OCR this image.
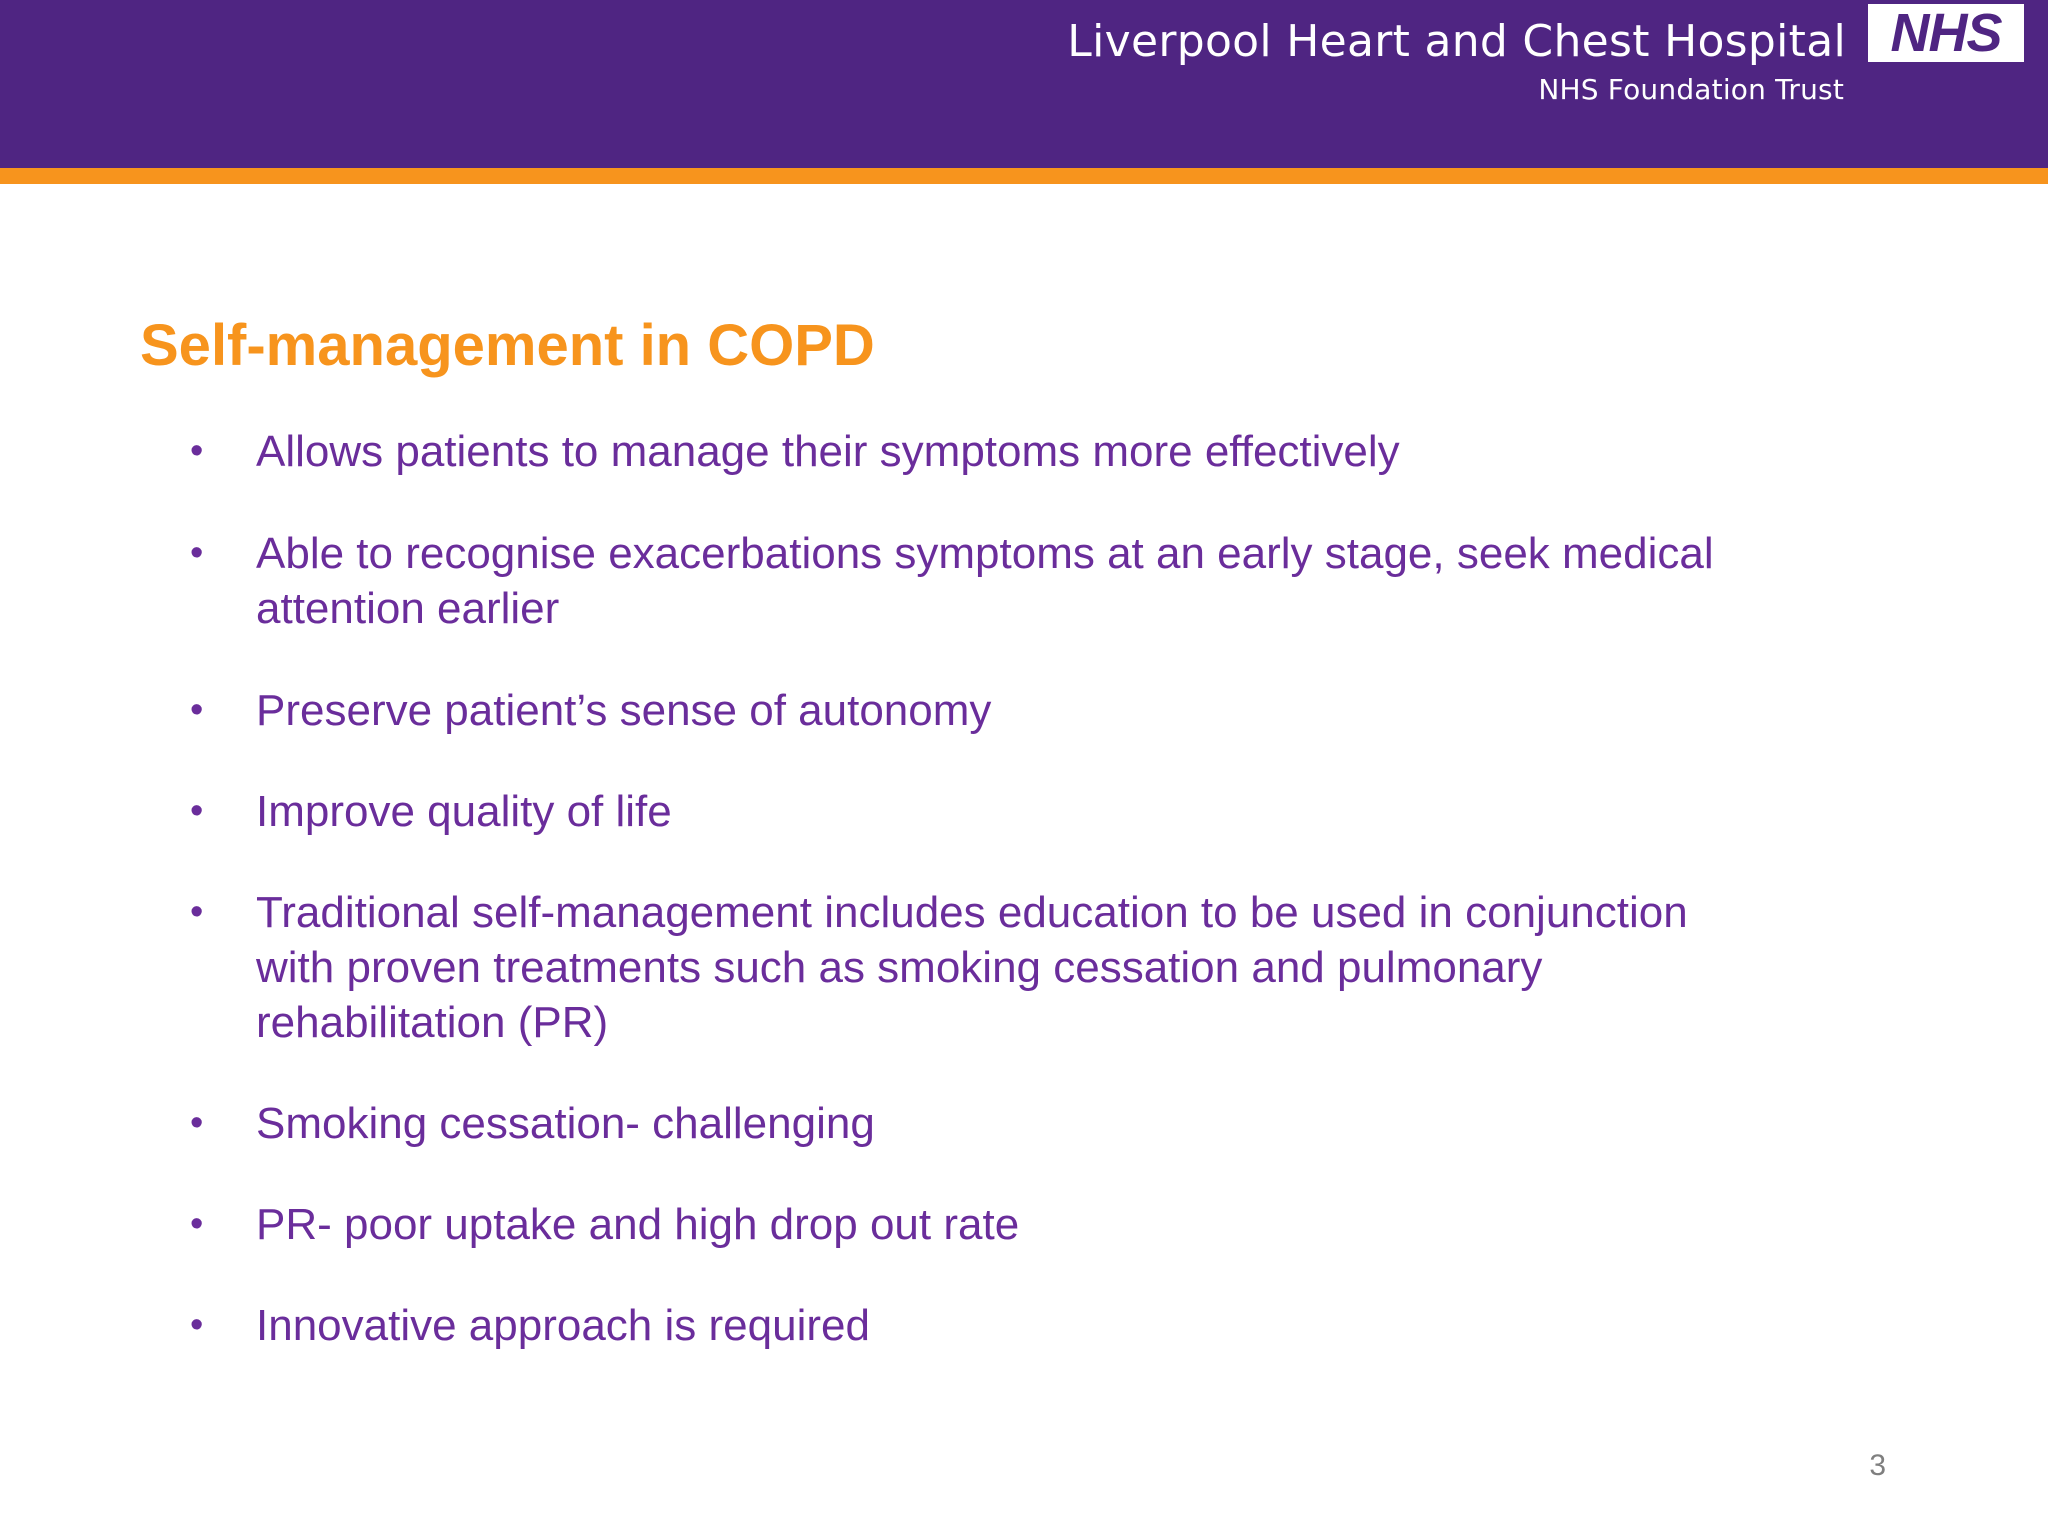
Liverpool Heart and Chest Hospital
NHS Foundation Trust
NHS
Self-management in COPD
•	Allows patients to manage their symptoms more effectively
•	Able to recognise exacerbations symptoms at an early stage, seek medical
attention earlier
•	Preserve patient’s sense of autonomy
•	Improve quality of life
•	Traditional self-management includes education to be used in conjunction
with proven treatments such as smoking cessation and pulmonary
rehabilitation (PR)
•	Smoking cessation- challenging
•	PR- poor uptake and high drop out rate
•	Innovative approach is required
3
